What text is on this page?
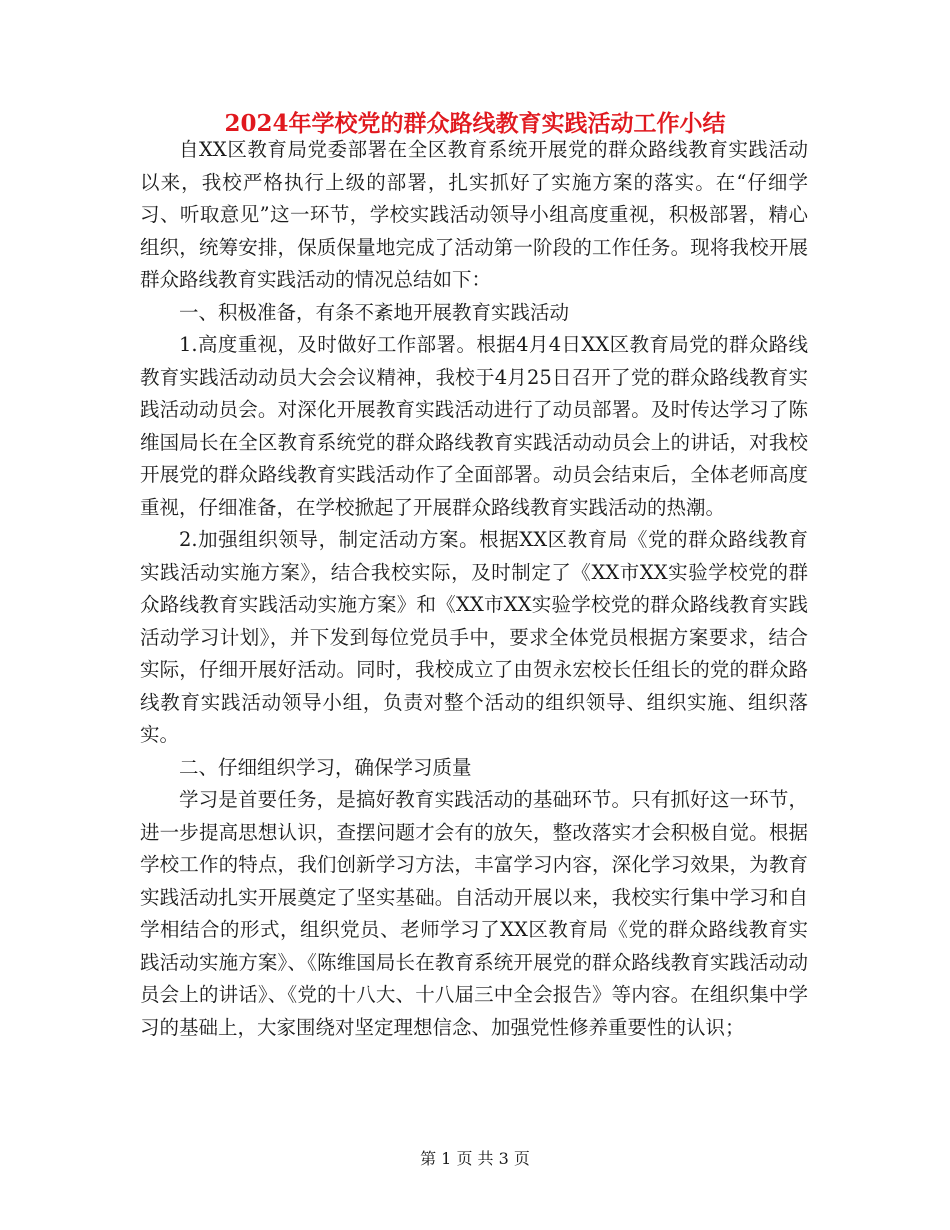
2024年学校党的群众路线教育实践活动工作小结

自XX区教育局党委部署在全区教育系统开展党的群众路线教育实践活动以来，我校严格执行上级的部署，扎实抓好了实施方案的落实。在“仔细学习、听取意见”这一环节，学校实践活动领导小组高度重视，积极部署，精心组织，统筹安排，保质保量地完成了活动第一阶段的工作任务。现将我校开展群众路线教育实践活动的情况总结如下：

一、积极准备，有条不紊地开展教育实践活动

1.高度重视，及时做好工作部署。根据4月4日XX区教育局党的群众路线教育实践活动动员大会会议精神，我校于4月25日召开了党的群众路线教育实践活动动员会。对深化开展教育实践活动进行了动员部署。及时传达学习了陈维国局长在全区教育系统党的群众路线教育实践活动动员会上的讲话，对我校开展党的群众路线教育实践活动作了全面部署。动员会结束后，全体老师高度重视，仔细准备，在学校掀起了开展群众路线教育实践活动的热潮。

2.加强组织领导，制定活动方案。根据XX区教育局《党的群众路线教育实践活动实施方案》，结合我校实际，及时制定了《XX市XX实验学校党的群众路线教育实践活动实施方案》和《XX市XX实验学校党的群众路线教育实践活动学习计划》，并下发到每位党员手中，要求全体党员根据方案要求，结合实际，仔细开展好活动。同时，我校成立了由贺永宏校长任组长的党的群众路线教育实践活动领导小组，负责对整个活动的组织领导、组织实施、组织落实。

二、仔细组织学习，确保学习质量

学习是首要任务，是搞好教育实践活动的基础环节。只有抓好这一环节，进一步提高思想认识，查摆问题才会有的放矢，整改落实才会积极自觉。根据学校工作的特点，我们创新学习方法，丰富学习内容，深化学习效果，为教育实践活动扎实开展奠定了坚实基础。自活动开展以来，我校实行集中学习和自学相结合的形式，组织党员、老师学习了XX区教育局《党的群众路线教育实践活动实施方案》、《陈维国局长在教育系统开展党的群众路线教育实践活动动员会上的讲话》、《党的十八大、十八届三中全会报告》等内容。在组织集中学习的基础上，大家围绕对坚定理想信念、加强党性修养重要性的认识；

第 1 页 共 3 页
